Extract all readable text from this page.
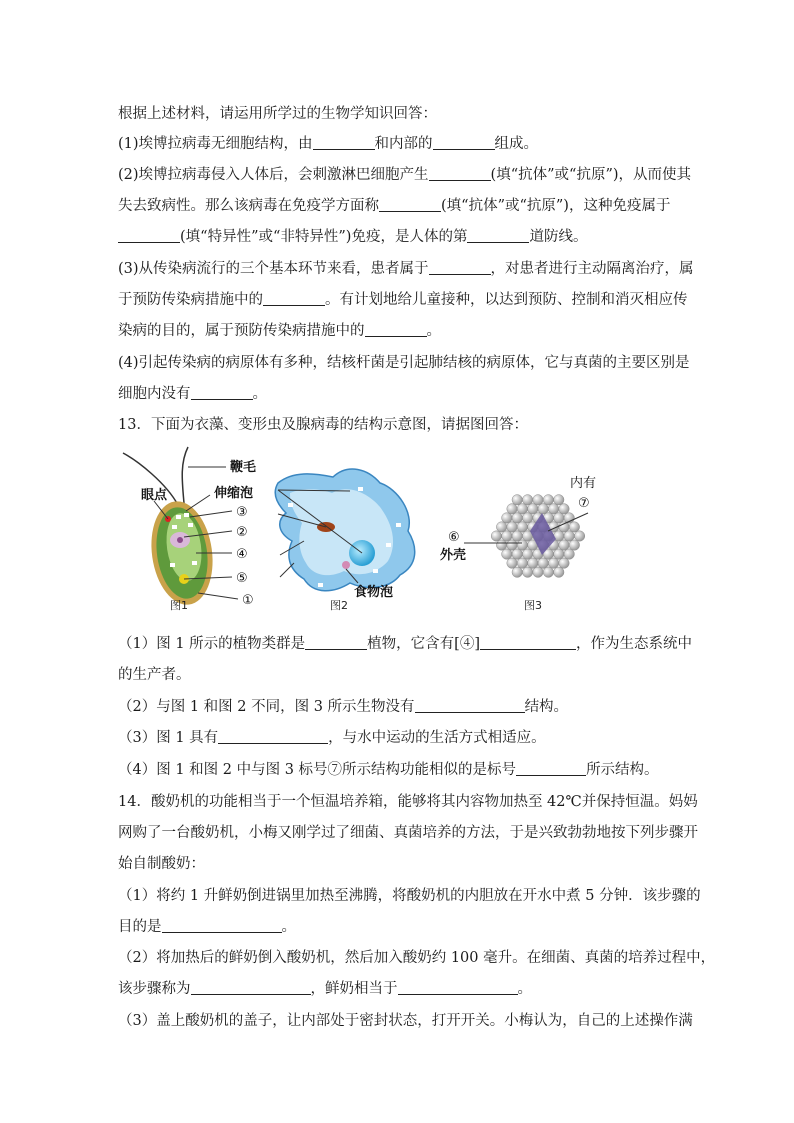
根据上述材料，请运用所学过的生物学知识回答：
(1)埃博拉病毒无细胞结构，由	和内部的	组成。
(2)埃博拉病毒侵入人体后，会刺激淋巴细胞产生	(填“抗体”或“抗原”)，从而使其
失去致病性。那么该病毒在免疫学方面称	(填“抗体”或“抗原”)，这种免疫属于
(填“特异性”或“非特异性”)免疫，是人体的第	道防线。
(3)从传染病流行的三个基本环节来看，患者属于	，对患者进行主动隔离治疗，属
于预防传染病措施中的	。有计划地给儿童接种，以达到预防、控制和消灭相应传
染病的目的，属于预防传染病措施中的	。
(4)引起传染病的病原体有多种，结核杆菌是引起肺结核的病原体，它与真菌的主要区别是
细胞内没有	。
13．下面为衣藻、变形虫及腺病毒的结构示意图，请据图回答：
眼点
鞭毛
伸缩泡
③
②
④
⑤
①
图1
食物泡
图2
内有
⑦
⑥
外壳
图3
（1）图 1 所示的植物类群是	植物，它含有[④]	，作为生态系统中
的生产者。
（2）与图 1 和图 2 不同，图 3 所示生物没有	结构。
（3）图 1 具有	，与水中运动的生活方式相适应。
（4）图 1 和图 2 中与图 3 标号⑦所示结构功能相似的是标号	所示结构。
14．酸奶机的功能相当于一个恒温培养箱，能够将其内容物加热至 42℃并保持恒温。妈妈
网购了一台酸奶机，小梅又刚学过了细菌、真菌培养的方法，于是兴致勃勃地按下列步骤开
始自制酸奶：
（1）将约 1 升鲜奶倒进锅里加热至沸腾，将酸奶机的内胆放在开水中煮 5 分钟．该步骤的
目的是	。
（2）将加热后的鲜奶倒入酸奶机，然后加入酸奶约 100 毫升。在细菌、真菌的培养过程中，
该步骤称为	，鲜奶相当于	。
（3）盖上酸奶机的盖子，让内部处于密封状态，打开开关。小梅认为，自己的上述操作满
